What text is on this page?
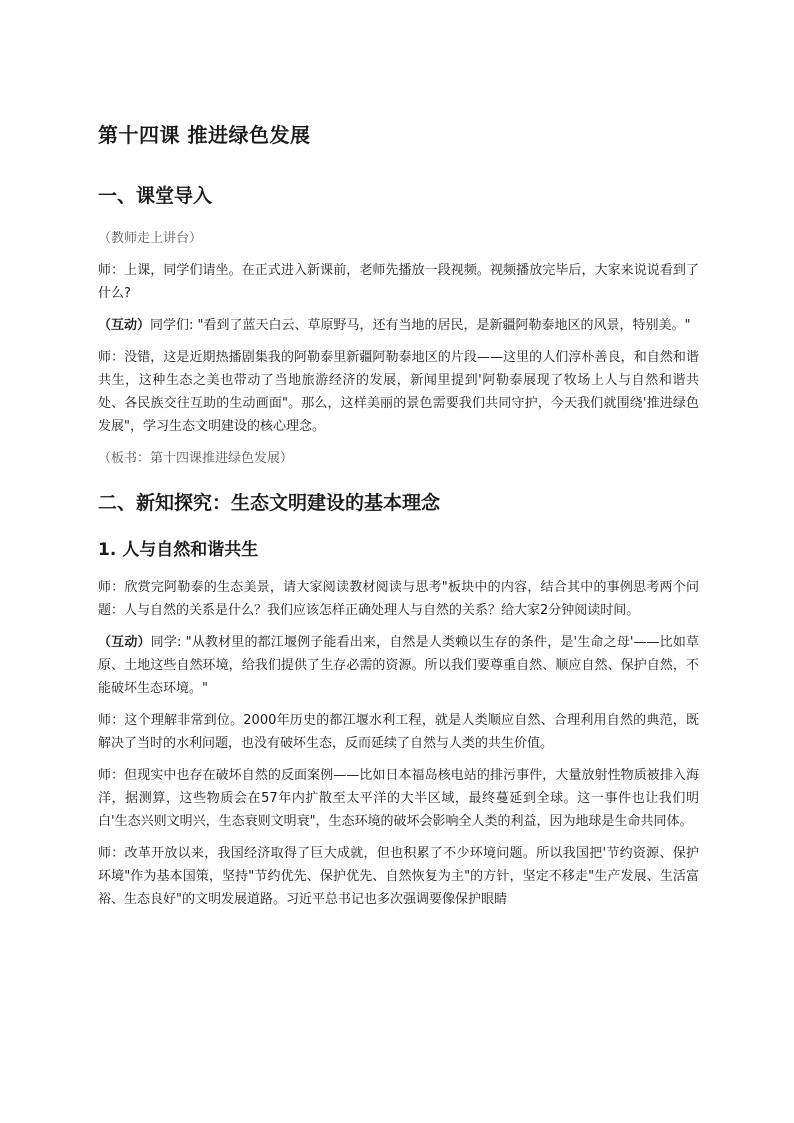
第十四课 推进绿色发展
一、课堂导入

（教师走上讲台）

师：上课，同学们请坐。在正式进入新课前，老师先播放一段视频。视频播放完毕后，大家来说说看到了什么?

（互动）同学们: "看到了蓝天白云、草原野马，还有当地的居民，是新疆阿勒泰地区的风景，特别美。"

师：没错，这是近期热播剧集我的阿勒泰里新疆阿勒泰地区的片段——这里的人们淳朴善良，和自然和谐共生，这种生态之美也带动了当地旅游经济的发展，新闻里提到'阿勒泰展现了牧场上人与自然和谐共处、各民族交往互助的生动画面"。那么，这样美丽的景色需要我们共同守护，今天我们就围绕'推进绿色发展"，学习生态文明建设的核心理念。

（板书：第十四课推进绿色发展）

二、新知探究：生态文明建设的基本理念
1. 人与自然和谐共生

师：欣赏完阿勒泰的生态美景，请大家阅读教材阅读与思考"板块中的内容，结合其中的事例思考两个问题：人与自然的关系是什么？我们应该怎样正确处理人与自然的关系？给大家2分钟阅读时间。

（互动）同学: "从教材里的都江堰例子能看出来，自然是人类赖以生存的条件，是'生命之母'——比如草原、土地这些自然环境，给我们提供了生存必需的资源。所以我们要尊重自然、顺应自然、保护自然，不能破坏生态环境。"

师：这个理解非常到位。2000年历史的都江堰水利工程，就是人类顺应自然、合理利用自然的典范，既解决了当时的水利问题，也没有破坏生态，反而延续了自然与人类的共生价值。

师：但现实中也存在破坏自然的反面案例——比如日本福岛核电站的排污事件，大量放射性物质被排入海洋，据测算，这些物质会在57年内扩散至太平洋的大半区域，最终蔓延到全球。这一事件也让我们明白'生态兴则文明兴，生态衰则文明衰"，生态环境的破坏会影响全人类的利益，因为地球是生命共同体。

师：改革开放以来，我国经济取得了巨大成就，但也积累了不少环境问题。所以我国把'节约资源、保护环境"作为基本国策，坚持"节约优先、保护优先、自然恢复为主"的方针，坚定不移走"生产发展、生活富裕、生态良好"的文明发展道路。习近平总书记也多次强调要像保护眼睛
